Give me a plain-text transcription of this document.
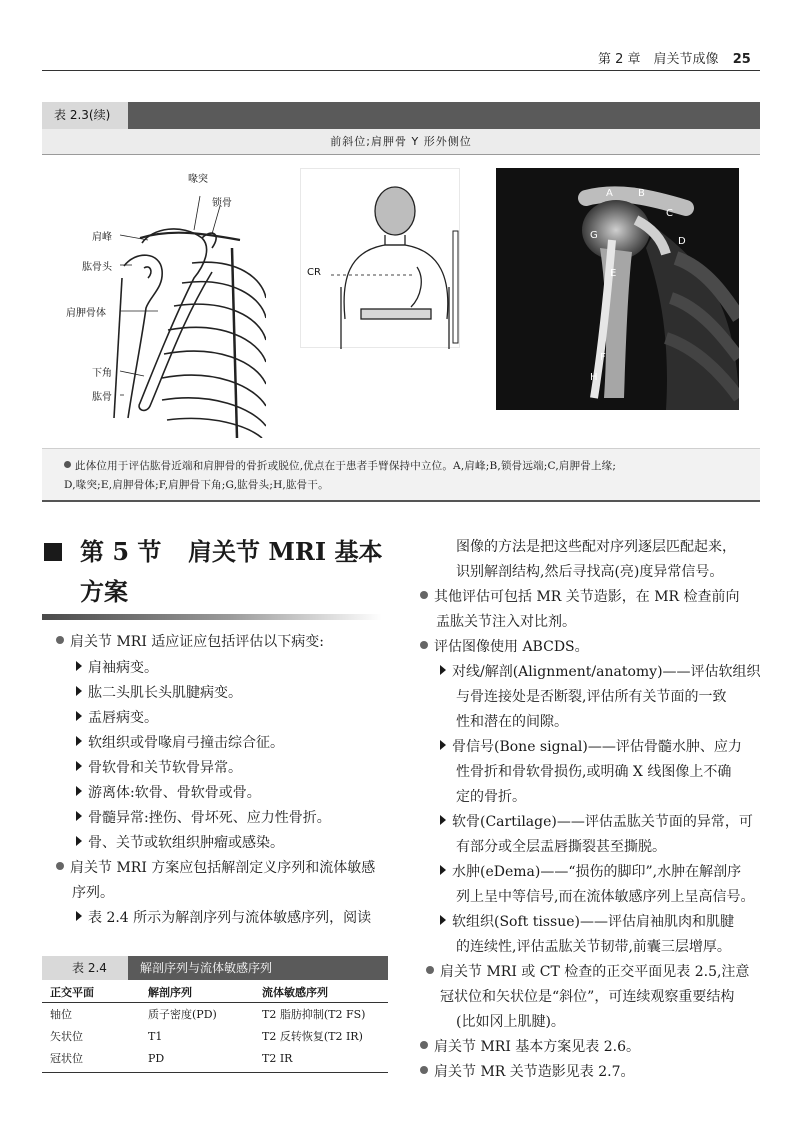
第 2 章　肩关节成像 25
表 2.3(续)
前斜位;肩胛骨 Y 形外侧位
喙突
锁骨
肩峰
肱骨头
肩胛骨体
下角
肱骨
CR
A	B
C
D
E
F
G
H
此体位用于评估肱骨近端和肩胛骨的骨折或脱位,优点在于患者手臂保持中立位。A,肩峰;B,锁骨远端;C,肩胛骨上缘;
D,喙突;E,肩胛骨体;F,肩胛骨下角;G,肱骨头;H,肱骨干。
第 5 节 肩关节 MRI 基本
方案
肩关节 MRI 适应证应包括评估以下病变:
肩袖病变。
肱二头肌长头肌腱病变。
盂唇病变。
软组织或骨喙肩弓撞击综合征。
骨软骨和关节软骨异常。
游离体:软骨、骨软骨或骨。
骨髓异常:挫伤、骨坏死、应力性骨折。
骨、关节或软组织肿瘤或感染。
肩关节 MRI 方案应包括解剖定义序列和流体敏感
序列。
表 2.4 所示为解剖序列与流体敏感序列，阅读
表 2.4	解剖序列与流体敏感序列
正交平面	解剖序列	流体敏感序列
轴位	质子密度(PD)	T2 脂肪抑制(T2 FS)
矢状位	T1	T2 反转恢复(T2 IR)
冠状位	PD	T2 IR
图像的方法是把这些配对序列逐层匹配起来，
识别解剖结构,然后寻找高(亮)度异常信号。
其他评估可包括 MR 关节造影，在 MR 检查前向
盂肱关节注入对比剂。
评估图像使用 ABCDS。
对线/解剖(Alignment/anatomy)——评估软组织
与骨连接处是否断裂,评估所有关节面的一致
性和潜在的间隙。
骨信号(Bone signal)——评估骨髓水肿、应力
性骨折和骨软骨损伤,或明确 X 线图像上不确
定的骨折。
软骨(Cartilage)——评估盂肱关节面的异常，可
有部分或全层盂唇撕裂甚至撕脱。
水肿(eDema)——“损伤的脚印”,水肿在解剖序
列上呈中等信号,而在流体敏感序列上呈高信号。
软组织(Soft tissue)——评估肩袖肌肉和肌腱
的连续性,评估盂肱关节韧带,前囊三层增厚。
肩关节 MRI 或 CT 检查的正交平面见表 2.5,注意
冠状位和矢状位是“斜位”，可连续观察重要结构
(比如冈上肌腱)。
肩关节 MRI 基本方案见表 2.6。
肩关节 MR 关节造影见表 2.7。
